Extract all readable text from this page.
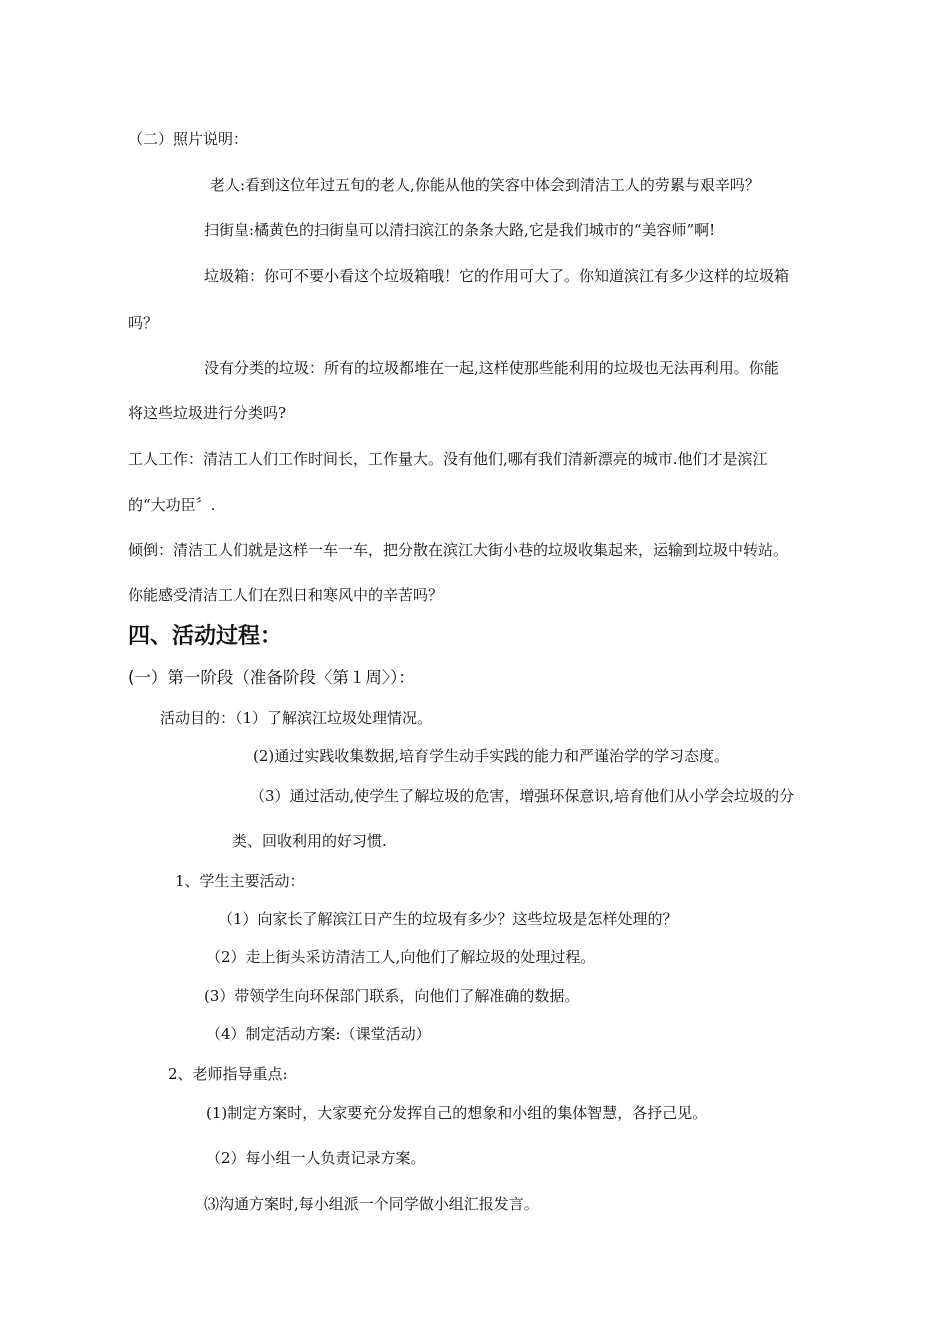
（二）照片说明：
老人:看到这位年过五旬的老人,你能从他的笑容中体会到清洁工人的劳累与艰辛吗？
扫街皇:橘黄色的扫街皇可以清扫滨江的条条大路,它是我们城市的“美容师”啊!
垃圾箱：你可不要小看这个垃圾箱哦！它的作用可大了。你知道滨江有多少这样的垃圾箱
吗？
没有分类的垃圾：所有的垃圾都堆在一起,这样使那些能利用的垃圾也无法再利用。你能
将这些垃圾进行分类吗?
工人工作：清洁工人们工作时间长，工作量大。没有他们,哪有我们清新漂亮的城市.他们才是滨江
的“大功臣〞.
倾倒：清洁工人们就是这样一车一车，把分散在滨江大街小巷的垃圾收集起来，运输到垃圾中转站。
你能感受清洁工人们在烈日和寒风中的辛苦吗？
四、活动过程：
(一）第一阶段（准备阶段〈第１周〉）：
活动目的：（1）了解滨江垃圾处理情况。
(2)通过实践收集数据,培育学生动手实践的能力和严谨治学的学习态度。
（3）通过活动,使学生了解垃圾的危害，增强环保意识,培育他们从小学会垃圾的分
类、回收利用的好习惯.
1、学生主要活动：
（1）向家长了解滨江日产生的垃圾有多少？这些垃圾是怎样处理的？
（2）走上街头采访清洁工人,向他们了解垃圾的处理过程。
(3）带领学生向环保部门联系，向他们了解准确的数据。
（4）制定活动方案:（课堂活动）
2、老师指导重点:
(1)制定方案时，大家要充分发挥自己的想象和小组的集体智慧，各抒己见。
（2）每小组一人负责记录方案。
⑶沟通方案时,每小组派一个同学做小组汇报发言。
